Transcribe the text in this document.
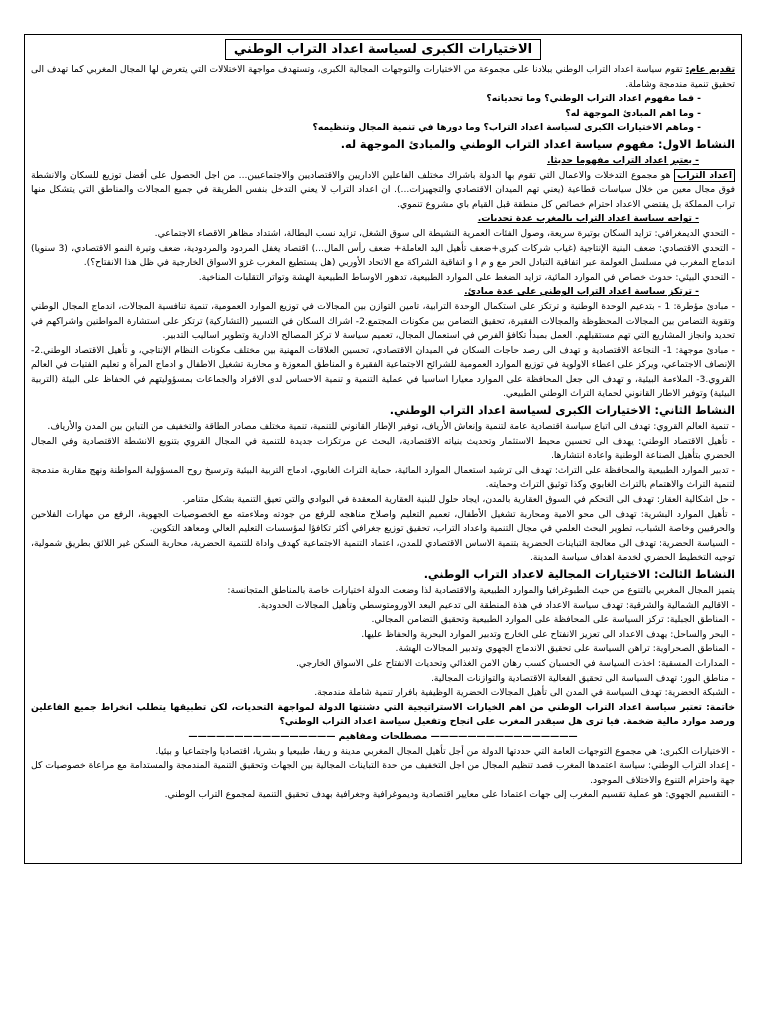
الاختيارات الكبرى لسياسة اعداد التراب الوطني

تقديم عام: تقوم سياسة اعداد التراب الوطني ببلادنا على مجموعة من الاختيارات والتوجهات المجالية الكبرى، وتستهدف مواجهة الاختلالات التي يتعرض لها المجال المغربي كما تهدف الى تحقيق تنمية مندمجة وشاملة.

- فما مفهوم اعداد التراب الوطني؟ وما تحدياته؟

- وما اهم المبادئ الموجهة له؟

- وماهم الاختيارات الكبرى لسياسة اعداد التراب؟ وما دورها في تنمية المجال وتنظيمه؟

النشاط الاول: مفهوم سياسة اعداد التراب الوطني والمبادئ الموجهة له.

- يعتبر اعداد التراب مفهوما حديثا.

اعداد التراب هو مجموع التدخلات والاعمال التي تقوم بها الدولة باشراك مختلف الفاعلين الاداريين والاقتصاديين والاجتماعيين... من اجل الحصول على أفضل توزيع للسكان والانشطة فوق مجال معين من خلال سياسات قطاعية (يعني تهم الميدان الاقتصادي والتجهيزات...). ان اعداد التراب لا يعني التدخل بنفس الطريقة في جميع المجالات والمناطق التي يتشكل منها تراب المملكة بل يقتضي الاعداد احترام خصائص كل منطقة قبل القيام باي مشروع تنموي.

- تواجه سياسة اعداد التراب بالمغرب عدة تحديات.

- التحدي الديمغرافي: تزايد السكان بوتيرة سريعة، وصول الفئات العمرية النشيطة الى سوق الشغل، تزايد نسب البطالة، اشتداد مظاهر الاقصاء الاجتماعي.

- التحدي الاقتصادي: ضعف البنية الإنتاجية (غياب شركات كبرى+ضعف تأهيل اليد العاملة+ ضعف رأس المال...) اقتصاد يغفل المردود والمردودية، ضعف وتيرة النمو الاقتصادي، (3 سنويا) اندماج المغرب في مسلسل العولمة عبر اتفاقية التبادل الحر مع و م ا و اتفاقية الشراكة مع الاتحاد الأوربي (هل يستطيع المغرب غزو الاسواق الخارجية في ظل هذا الانفتاح؟).

- التحدي البيئي: حدوث خصاص في الموارد المائية، تزايد الضغط على الموارد الطبيعية، تدهور الاوساط الطبيعية الهشة وتواتر التقلبات المناخية.

- ترتكز سياسة اعداد التراب الوطني على عدة مبادئ.

- مبادئ مؤطرة: 1 - بتدعيم الوحدة الوطنية و ترتكز على استكمال الوحدة الترابية، تامين التوازن بين المجالات في توزيع الموارد العمومية، تنمية تنافسية المجالات، اندماج المجال الوطني وتقوية التضامن بين المجالات المحظوظة والمجالات الفقيرة، تحقيق التضامن بين مكونات المجتمع.2- اشراك السكان في التسيير (التشاركية) ترتكز على استشارة المواطنين واشراكهم في تحديد وانجاز المشاريع التي تهم مستقبلهم. العمل بمبدأ تكافؤ الفرص في استعمال المجال، تعميم سياسة لا تركز المصالح الادارية وتطوير اساليب التدبير.

- مبادئ موجهة: 1- النجاعة الاقتصادية و تهدف الى رصد حاجات السكان في الميدان الاقتصادي، تحسين العلاقات المهنية بين مختلف مكونات النظام الإنتاجي، و تأهيل الاقتصاد الوطني.2- الإنصاف الاجتماعي، ويركز على اعطاء الاولوية في توزيع الموارد العمومية للشرائح الاجتماعية الفقيرة و المناطق المعوزة و محاربة تشغيل الاطفال و ادماج المرأة و تعليم الفتيات في العالم القروي.3- الملاءمة البيئية، و تهدف الى جعل المحافظة على الموارد معيارا اساسيا في عملية التنمية و تنمية الاحساس لدى الافراد والجماعات بمسؤوليتهم في الحفاظ على البيئة (التربية البيئية) وتوفير الاطار القانوني لحماية التراث الوطني الطبيعي.

النشاط الثاني: الاختيارات الكبرى لسياسة اعداد التراب الوطني.

- تنمية العالم القروي: تهدف الى اتباع سياسة اقتصادية عامة لتنمية وإنعاش الأرياف، توفير الإطار القانوني للتنمية، تنمية مختلف مصادر الطاقة والتخفيف من التباين بين المدن والأرياف.

- تأهيل الاقتصاد الوطني: يهدف الى تحسين محيط الاستثمار وتحديث بنياته الاقتصادية، البحث عن مرتكزات جديدة للتنمية في المجال القروي بتنويع الانشطة الاقتصادية وفي المجال الحضري بتأهيل الصناعة الوطنية واعادة انتشارها.

- تدبير الموارد الطبيعية والمحافظة على التراث: تهدف الى ترشيد استعمال الموارد المائية، حماية التراث الغابوي، ادماج التربية البيئية وترسيخ روح المسؤولية المواطنة ونهج مقاربة مندمجة لتنمية التراث والاهتمام بالتراث الغابوي وكذا توثيق التراث وحمايته.

- حل اشكالية العقار: تهدف الى التحكم في السوق العقارية بالمدن، ايجاد حلول للبنية العقارية المعقدة في البوادي والتي تعيق التنمية بشكل متنامر.

- تأهيل الموارد البشرية: تهدف الى محو الامية ومحاربة تشغيل الأطفال، تعميم التعليم واصلاح مناهجه للرفع من جودته وملاءمته مع الخصوصيات الجهوية، الرفع من مهارات الفلاحين والحرفيين وخاصة الشباب، تطوير البحث العلمي في مجال التنمية واعداد التراب، تحقيق توزيع جغرافي أكثر تكافؤا لمؤسسات التعليم العالي ومعاهد التكوين.

- السياسة الحضرية: تهدف الى معالجة التباينات الحضرية بتنمية الاساس الاقتصادي للمدن، اعتماد التنمية الاجتماعية كهدف واداة للتنمية الحضرية، محاربة السكن غير اللائق بطريق شمولية، توجيه التخطيط الحضري لخدمة اهداف سياسة المدينة.

النشاط الثالث: الاختيارات المجالية لاعداد التراب الوطني.

يتميز المجال المغربي بالتنوع من حيث الطبوغرافيا والموارد الطبيعية والاقتصادية لذا وضعت الدولة اختيارات خاصة بالمناطق المتجانسة:

- الاقاليم الشمالية والشرقية: تهدف سياسة الاعداد في هذة المنطقة الى تدعيم البعد الاورومتوسطي وتأهيل المجالات الحدودية.

- المناطق الجبلية: تركز السياسة على المحافظة على الموارد الطبيعية وتحقيق التضامن المجالي.

- البحر والساحل: يهدف الاعداد الى تعزيز الانفتاح على الخارج وتدبير الموارد البحرية والحفاظ عليها.

- المناطق الصحراوية: تراهن السياسة على تحقيق الاندماج الجهوي وتدبير المجالات الهشة.

- المدارات المسقية: اخذت السياسة في الحسبان كسب رهان الامن الغذائي وتحديات الانفتاح على الاسواق الخارجي.

- مناطق البور: تهدف السياسة الى تحقيق الفعالية الاقتصادية والتوازنات المجالية.

- الشبكة الحضرية: تهدف السياسة في المدن الى تأهيل المجالات الحضرية الوظيفية بافرار تنمية شاملة مندمجة.

خاتمة: تعتبر سياسة اعداد التراب الوطني من اهم الخيارات الاستراتيجية التي دشنتها الدولة لمواجهة التحديات، لكن تطبيقها يتطلب انخراط جميع الفاعلين ورصد موارد مالية ضخمة. فيا ترى هل سيقدر المغرب على انجاح وتفعيل سياسة اعداد التراب الوطني؟

———————————————— مصطلحات ومفاهيم ————————————————

- الاختيارات الكبرى: هي مجموع التوجهات العامة التي حددتها الدولة من أجل تأهيل المجال المغربي مدينة و ريفا، طبيعيا و بشريا، اقتصاديا واجتماعيا و بيئيا.

- إعداد التراب الوطني: سياسة اعتمدها المغرب قصد تنظيم المجال من اجل التخفيف من حدة التباينات المجالية بين الجهات وتحقيق التنمية المندمجة والمستدامة مع مراعاة خصوصيات كل جهة واحترام التنوع والاختلاف الموجود.

- التقسيم الجهوي: هو عملية تقسيم المغرب إلى جهات اعتمادا على معايير اقتصادية وديموغرافية وجغرافية بهدف تحقيق التنمية لمجموع التراب الوطني.
